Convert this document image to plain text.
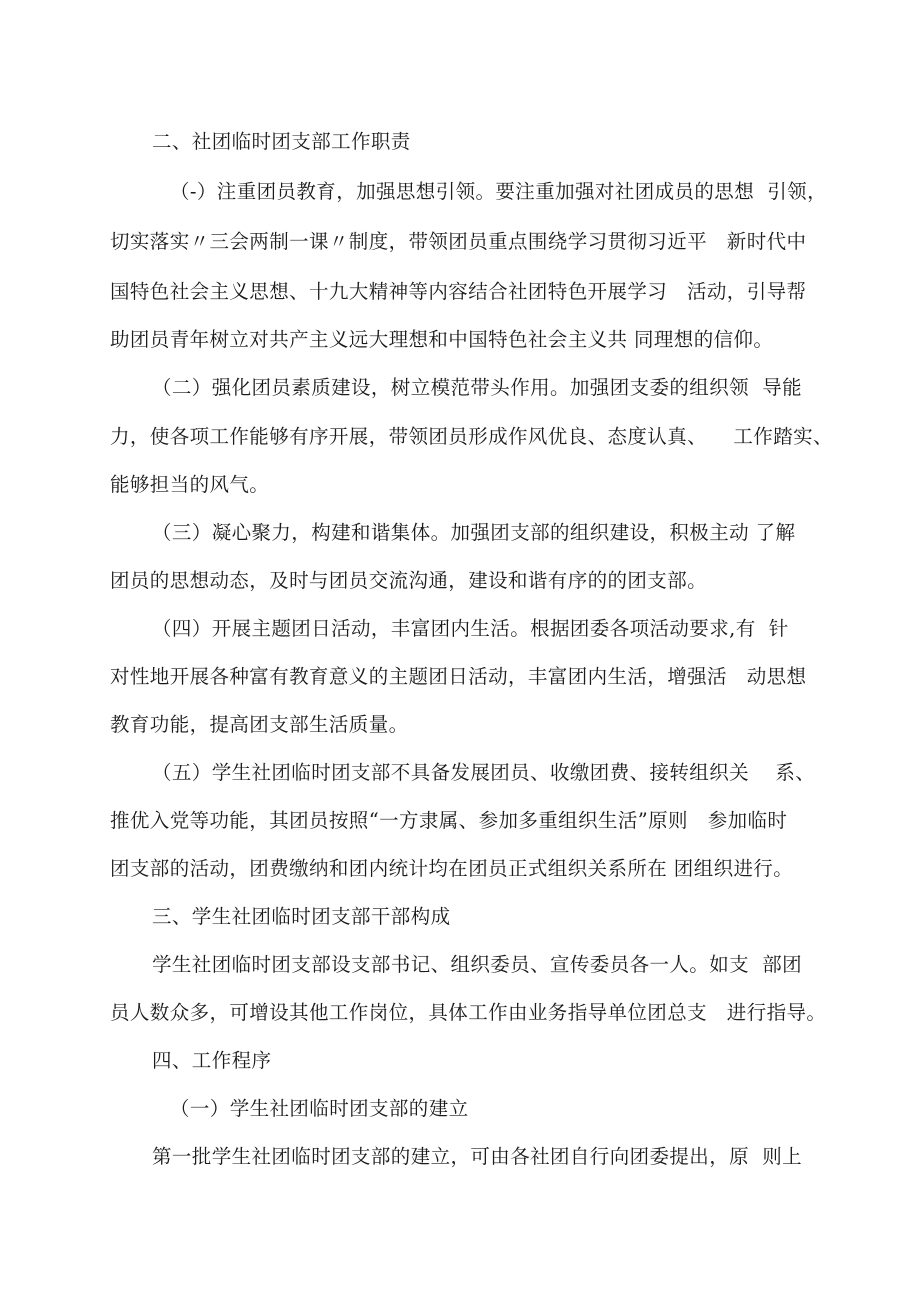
二、社团临时团支部工作职责
（-）注重团员教育，加强思想引领。要注重加强对社团成员的思想  引领，
切实落实〃三会两制一课〃制度，带领团员重点围绕学习贯彻习近平   新时代中
国特色社会主义思想、十九大精神等内容结合社团特色开展学习   活动，引导帮
助团员青年树立对共产主义远大理想和中国特色社会主义共 同理想的信仰。
（二）强化团员素质建设，树立模范带头作用。加强团支委的组织领  导能
力，使各项工作能够有序开展，带领团员形成作风优良、态度认真、    工作踏实、
能够担当的风气。
（三）凝心聚力，构建和谐集体。加强团支部的组织建设，积极主动 了解
团员的思想动态，及时与团员交流沟通，建设和谐有序的的团支部。
（四）开展主题团日活动，丰富团内生活。根据团委各项活动要求,有  针
对性地开展各种富有教育意义的主题团日活动，丰富团内生活，增强活   动思想
教育功能，提高团支部生活质量。
（五）学生社团临时团支部不具备发展团员、收缴团费、接转组织关    系、
推优入党等功能，其团员按照“一方隶属、参加多重组织生活”原则   参加临时
团支部的活动，团费缴纳和团内统计均在团员正式组织关系所在 团组织进行。
三、学生社团临时团支部干部构成
学生社团临时团支部设支部书记、组织委员、宣传委员各一人。如支  部团
员人数众多，可增设其他工作岗位，具体工作由业务指导单位团总支   进行指导。
四、工作程序
（一）学生社团临时团支部的建立
第一批学生社团临时团支部的建立，可由各社团自行向团委提出，原  则上
